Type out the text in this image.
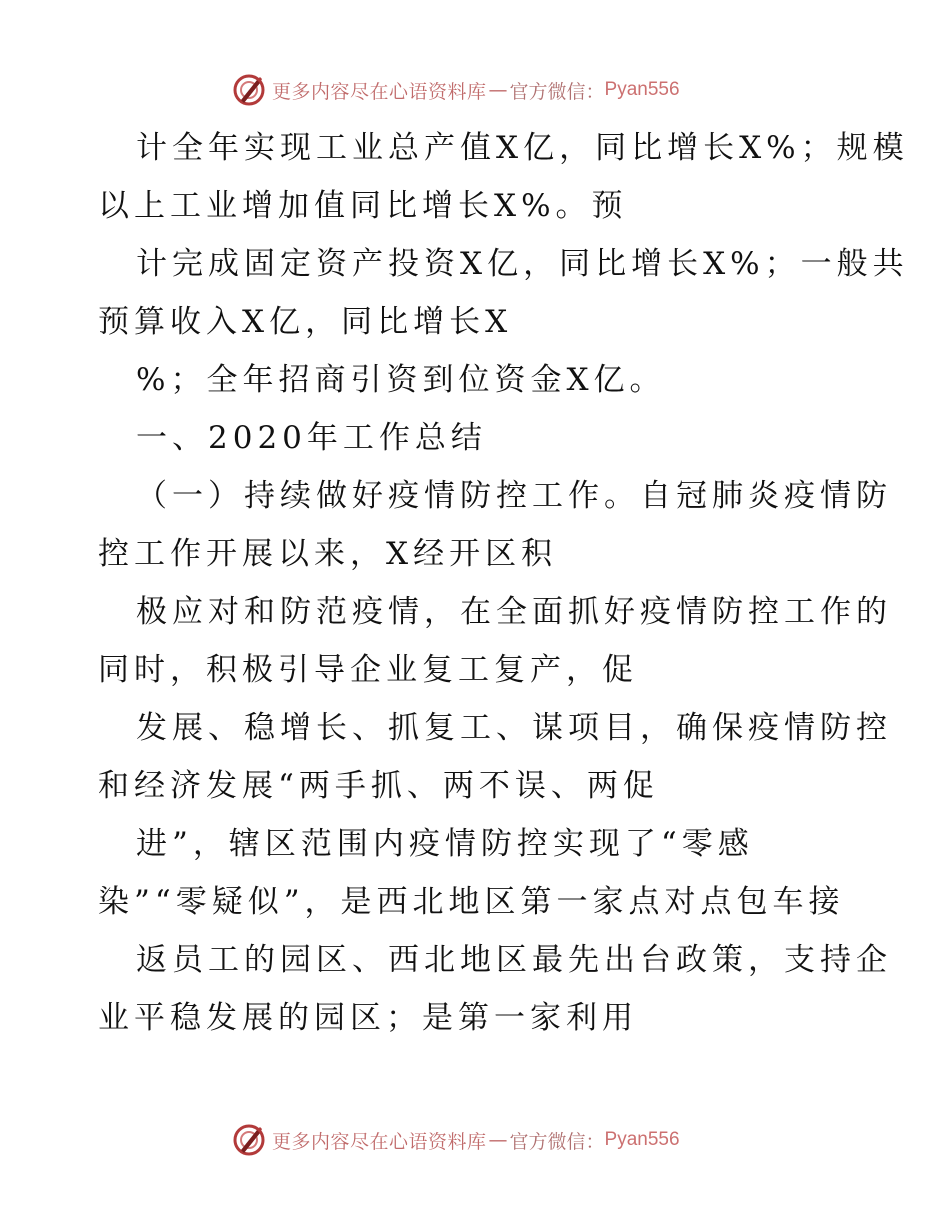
更多内容尽在心语资料库 — 官方微信： Pyan556
计全年实现工业总产值X亿，同比增长X%；规模
以上工业增加值同比增长X%。预
计完成固定资产投资X亿，同比增长X%；一般共
预算收入X亿，同比增长X
%；全年招商引资到位资金X亿。
一、2020年工作总结
（一）持续做好疫情防控工作。自冠肺炎疫情防
控工作开展以来，X经开区积
极应对和防范疫情，在全面抓好疫情防控工作的
同时，积极引导企业复工复产，促
发展、稳增长、抓复工、谋项目，确保疫情防控
和经济发展“两手抓、两不误、两促
进”，辖区范围内疫情防控实现了“零感
染”“零疑似”，是西北地区第一家点对点包车接
返员工的园区、西北地区最先出台政策，支持企
业平稳发展的园区；是第一家利用
更多内容尽在心语资料库 — 官方微信： Pyan556
